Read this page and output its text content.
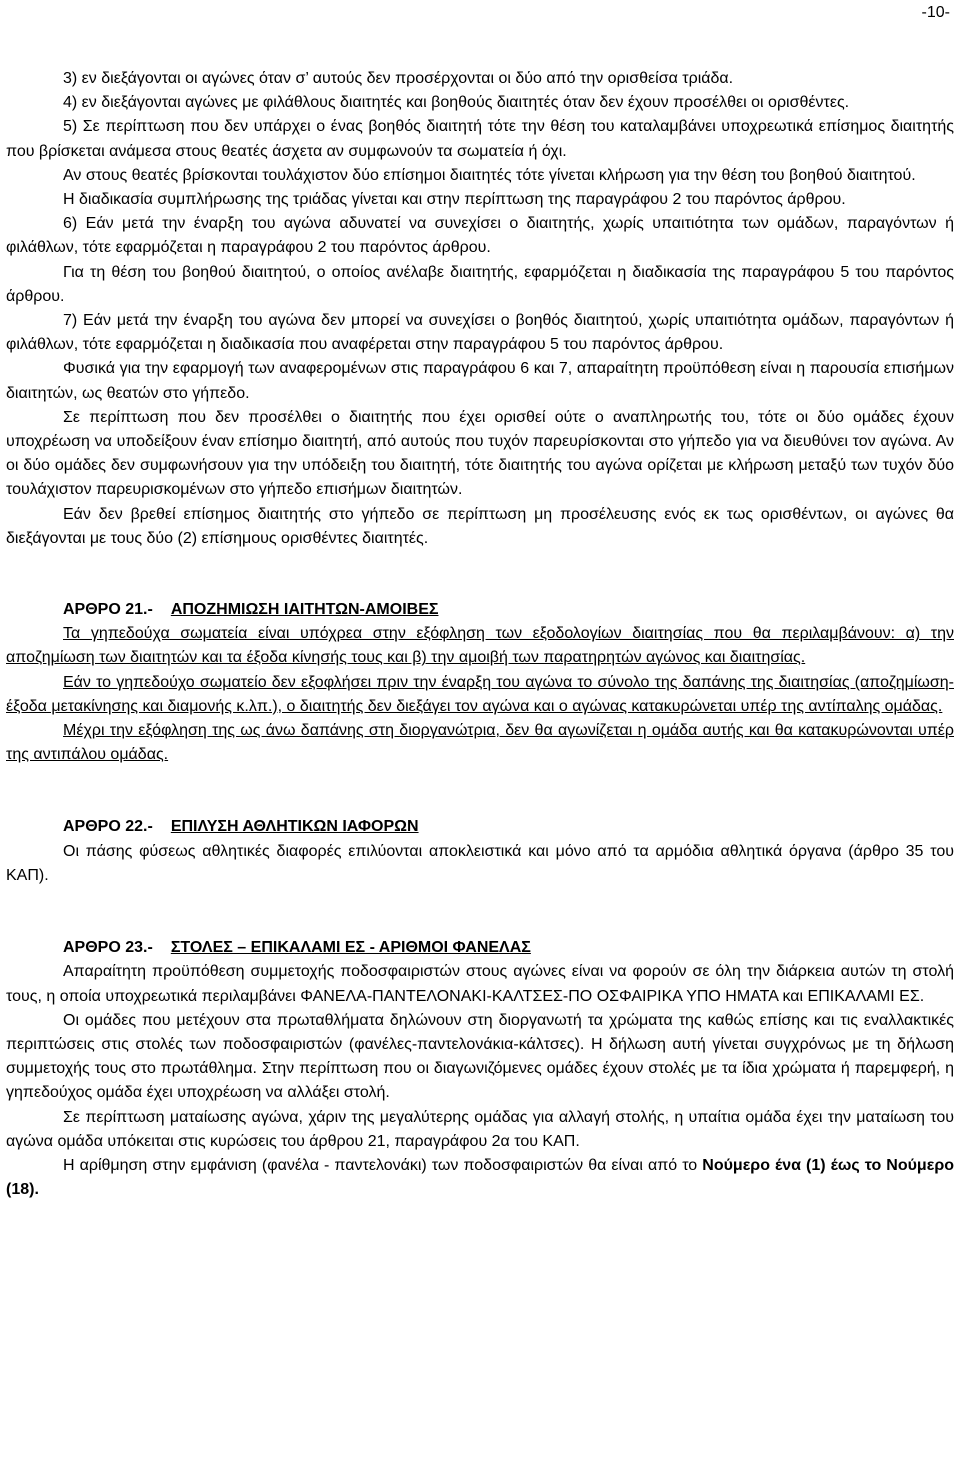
-10-

3) εν διεξάγονται οι αγώνες όταν σ’ αυτούς δεν προσέρχονται οι δύο από την ορισθείσα τριάδα.

4) εν διεξάγονται αγώνες με φιλάθλους διαιτητές και βοηθούς διαιτητές όταν δεν έχουν προσέλθει οι ορισθέντες.

5) Σε περίπτωση που δεν υπάρχει ο ένας βοηθός διαιτητή τότε την θέση του καταλαμβάνει υποχρεωτικά επίσημος διαιτητής που βρίσκεται ανάμεσα στους θεατές άσχετα αν συμφωνούν τα σωματεία ή όχι.

Αν στους θεατές βρίσκονται τουλάχιστον δύο επίσημοι διαιτητές τότε γίνεται κλήρωση για την θέση του βοηθού διαιτητού.

Η διαδικασία συμπλήρωσης της τριάδας γίνεται και στην περίπτωση της παραγράφου 2 του παρόντος άρθρου.

6) Εάν μετά την έναρξη του αγώνα αδυνατεί να συνεχίσει ο διαιτητής, χωρίς υπαιτιότητα των ομάδων, παραγόντων ή φιλάθλων, τότε εφαρμόζεται η παραγράφου 2 του παρόντος άρθρου.

Για τη θέση του βοηθού διαιτητού, ο οποίος ανέλαβε διαιτητής, εφαρμόζεται η διαδικασία της παραγράφου 5 του παρόντος άρθρου.

7) Εάν μετά την έναρξη του αγώνα δεν μπορεί να συνεχίσει ο βοηθός διαιτητού, χωρίς υπαιτιότητα ομάδων, παραγόντων ή φιλάθλων, τότε εφαρμόζεται η διαδικασία που αναφέρεται στην παραγράφου 5 του παρόντος άρθρου.

Φυσικά για την εφαρμογή των αναφερομένων στις παραγράφου 6 και 7, απαραίτητη προϋπόθεση είναι η παρουσία επισήμων διαιτητών, ως θεατών στο γήπεδο.

Σε περίπτωση που δεν προσέλθει ο διαιτητής που έχει ορισθεί ούτε ο αναπληρωτής του, τότε οι δύο ομάδες έχουν υποχρέωση να υποδείξουν έναν επίσημο διαιτητή, από αυτούς που τυχόν παρευρίσκονται στο γήπεδο για να διευθύνει τον αγώνα. Αν οι δύο ομάδες δεν συμφωνήσουν για την υπόδειξη του διαιτητή, τότε διαιτητής του αγώνα ορίζεται με κλήρωση μεταξύ των τυχόν δύο τουλάχιστον παρευρισκομένων στο γήπεδο επισήμων διαιτητών.

Εάν δεν βρεθεί επίσημος διαιτητής στο γήπεδο σε περίπτωση μη προσέλευσης ενός εκ τως ορισθέντων, οι αγώνες θα διεξάγονται με τους δύο (2) επίσημους ορισθέντες διαιτητές.

ΑΡΘΡΟ 21.- ΑΠΟΖΗΜΙΩΣΗ ΙΑΙΤΗΤΩΝ-ΑΜΟΙΒΕΣ

Τα γηπεδούχα σωματεία είναι υπόχρεα στην εξόφληση των εξοδολογίων διαιτησίας που θα περιλαμβάνουν: α) την αποζημίωση των διαιτητών και τα έξοδα κίνησής τους και β) την αμοιβή των παρατηρητών αγώνος και διαιτησίας.

Εάν το γηπεδούχο σωματείο δεν εξοφλήσει πριν την έναρξη του αγώνα το σύνολο της δαπάνης της διαιτησίας (αποζημίωση-έξοδα μετακίνησης και διαμονής κ.λπ.), ο διαιτητής δεν διεξάγει τον αγώνα και ο αγώνας κατακυρώνεται υπέρ της αντίπαλης ομάδας.

Μέχρι την εξόφληση της ως άνω δαπάνης στη διοργανώτρια, δεν θα αγωνίζεται η ομάδα αυτής και θα κατακυρώνονται υπέρ της αντιπάλου ομάδας.

ΑΡΘΡΟ 22.- ΕΠΙΛΥΣΗ ΑΘΛΗΤΙΚΩΝ ΙΑΦΟΡΩΝ

Οι πάσης φύσεως αθλητικές διαφορές επιλύονται αποκλειστικά και μόνο από τα αρμόδια αθλητικά όργανα (άρθρο 35 του ΚΑΠ).

ΑΡΘΡΟ 23.- ΣΤΟΛΕΣ – ΕΠΙΚΑΛΑΜΙ ΕΣ - ΑΡΙΘΜΟΙ ΦΑΝΕΛΑΣ

Απαραίτητη προϋπόθεση συμμετοχής ποδοσφαιριστών στους αγώνες είναι να φορούν σε όλη την διάρκεια αυτών τη στολή τους, η οποία υποχρεωτικά περιλαμβάνει ΦΑΝΕΛΑ-ΠΑΝΤΕΛΟΝΑΚΙ-ΚΑΛΤΣΕΣ-ΠΟ ΟΣΦΑΙΡΙΚΑ ΥΠΟ ΗΜΑΤΑ και ΕΠΙΚΑΛΑΜΙ ΕΣ.

Οι ομάδες που μετέχουν στα πρωταθλήματα δηλώνουν στη διοργανωτή τα χρώματα της καθώς επίσης και τις εναλλακτικές περιπτώσεις στις στολές των ποδοσφαιριστών (φανέλες-παντελονάκια-κάλτσες). Η δήλωση αυτή γίνεται συγχρόνως με τη δήλωση συμμετοχής τους στο πρωτάθλημα. Στην περίπτωση που οι διαγωνιζόμενες ομάδες έχουν στολές με τα ίδια χρώματα ή παρεμφερή, η γηπεδούχος ομάδα έχει υποχρέωση να αλλάξει στολή.

Σε περίπτωση ματαίωσης αγώνα, χάριν της μεγαλύτερης ομάδας για αλλαγή στολής, η υπαίτια ομάδα έχει την ματαίωση του αγώνα ομάδα υπόκειται στις κυρώσεις του άρθρου 21, παραγράφου 2α του ΚΑΠ.

Η αρίθμηση στην εμφάνιση (φανέλα - παντελονάκι) των ποδοσφαιριστών θα είναι από το Νούμερο ένα (1) έως το Νούμερο (18).
